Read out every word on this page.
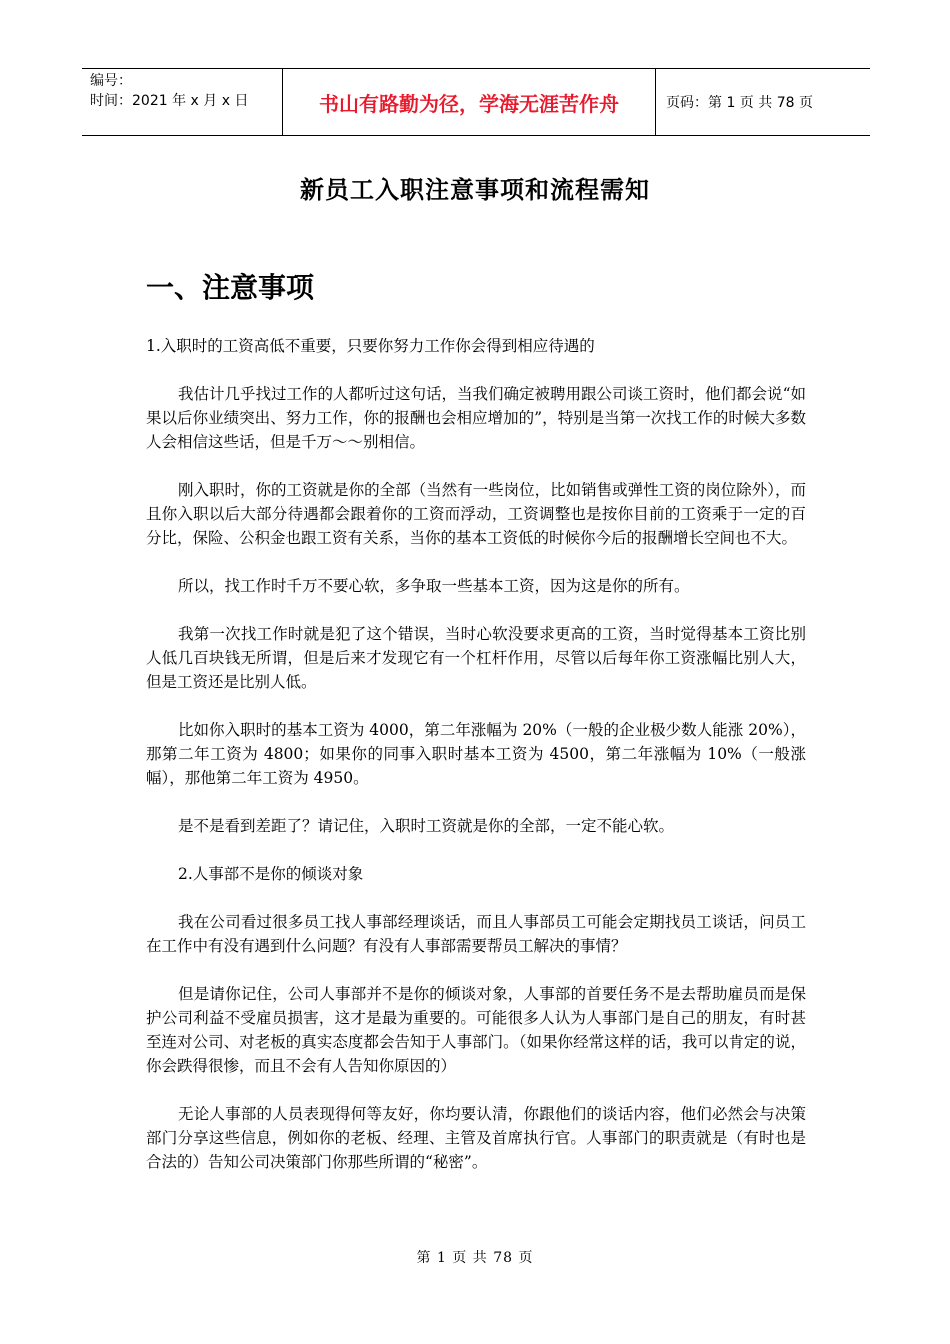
编号：
时间：2021 年 x 月 x 日	书山有路勤为径，学海无涯苦作舟	页码：第 1 页 共 78 页
新员工入职注意事项和流程需知
一、注意事项

1.入职时的工资高低不重要，只要你努力工作你会得到相应待遇的

我估计几乎找过工作的人都听过这句话，当我们确定被聘用跟公司谈工资时，他们都会说“如果以后你业绩突出、努力工作，你的报酬也会相应增加的”，特别是当第一次找工作的时候大多数人会相信这些话，但是千万～～别相信。

刚入职时，你的工资就是你的全部（当然有一些岗位，比如销售或弹性工资的岗位除外），而且你入职以后大部分待遇都会跟着你的工资而浮动，工资调整也是按你目前的工资乘于一定的百分比，保险、公积金也跟工资有关系，当你的基本工资低的时候你今后的报酬增长空间也不大。

所以，找工作时千万不要心软，多争取一些基本工资，因为这是你的所有。

我第一次找工作时就是犯了这个错误，当时心软没要求更高的工资，当时觉得基本工资比别人低几百块钱无所谓，但是后来才发现它有一个杠杆作用，尽管以后每年你工资涨幅比别人大，但是工资还是比别人低。

比如你入职时的基本工资为 4000，第二年涨幅为 20%（一般的企业极少数人能涨 20%），那第二年工资为 4800；如果你的同事入职时基本工资为 4500，第二年涨幅为 10%（一般涨幅），那他第二年工资为 4950。

是不是看到差距了？请记住，入职时工资就是你的全部，一定不能心软。

2.人事部不是你的倾谈对象

我在公司看过很多员工找人事部经理谈话，而且人事部员工可能会定期找员工谈话，问员工在工作中有没有遇到什么问题？有没有人事部需要帮员工解决的事情？

但是请你记住，公司人事部并不是你的倾谈对象，人事部的首要任务不是去帮助雇员而是保护公司利益不受雇员损害，这才是最为重要的。可能很多人认为人事部门是自己的朋友，有时甚至连对公司、对老板的真实态度都会告知于人事部门。（如果你经常这样的话，我可以肯定的说，你会跌得很惨，而且不会有人告知你原因的）

无论人事部的人员表现得何等友好，你均要认清，你跟他们的谈话内容，他们必然会与决策部门分享这些信息，例如你的老板、经理、主管及首席执行官。人事部门的职责就是（有时也是合法的）告知公司决策部门你那些所谓的“秘密”。

第 1 页 共 78 页
